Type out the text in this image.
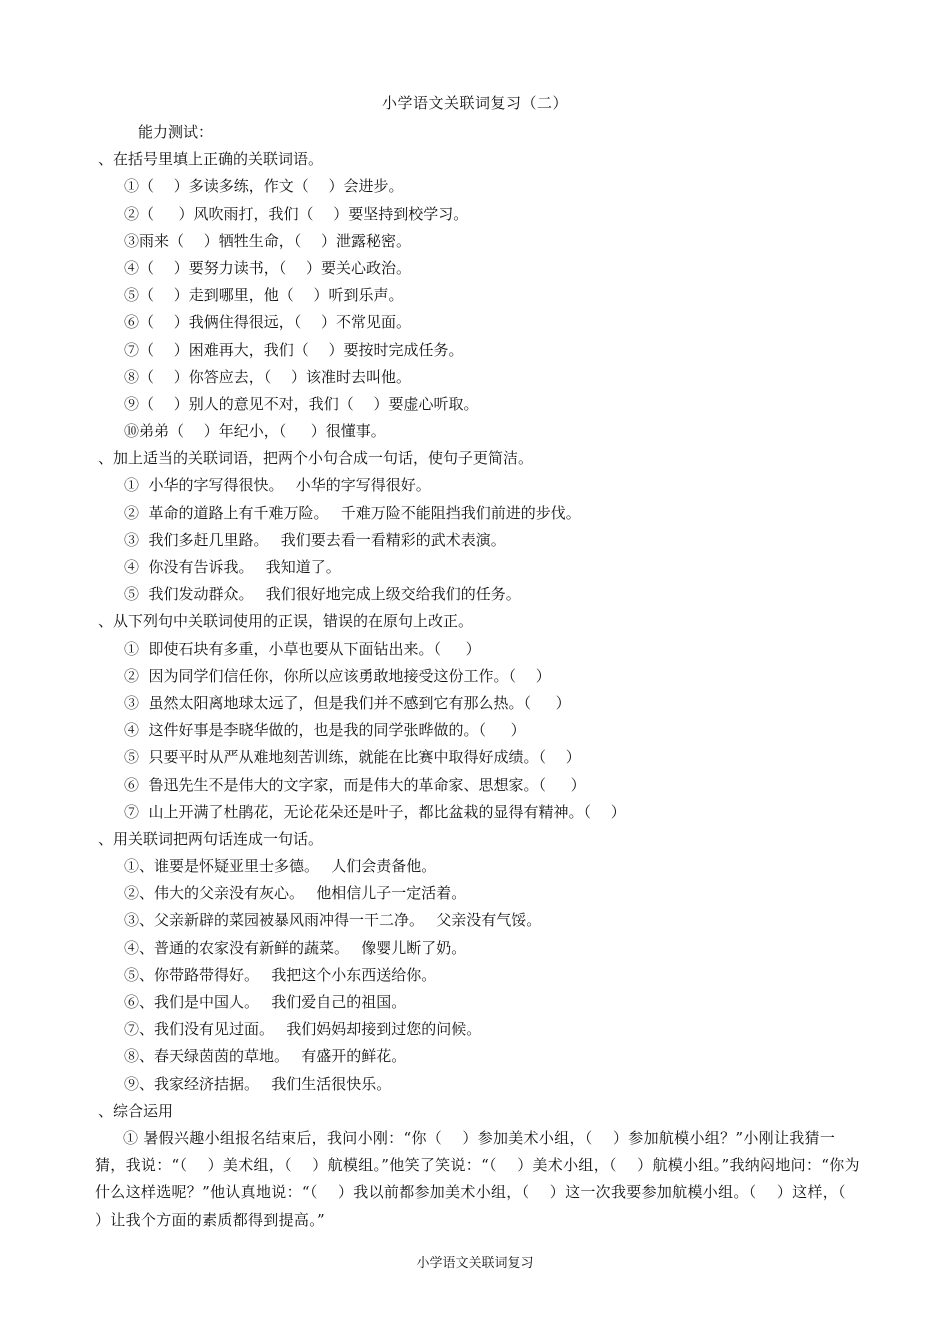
小学语文关联词复习（二）
能力测试：
、在括号里填上正确的关联词语。
①（　 ）多读多练，作文（　 ）会进步。
②（　  ）风吹雨打，我们（　 ）要坚持到校学习。
③雨来（　 ）牺牲生命，（　 ）泄露秘密。
④（　 ）要努力读书，（　 ）要关心政治。
⑤（　 ）走到哪里，他（　 ）听到乐声。
⑥（　 ）我俩住得很远，（　 ）不常见面。
⑦（　 ）困难再大，我们（　 ）要按时完成任务。
⑧（　 ）你答应去，（　 ）该准时去叫他。
⑨（　 ）别人的意见不对，我们（　 ）要虚心听取。
⑩弟弟（　 ）年纪小，（　  ）很懂事。
、加上适当的关联词语，把两个小句合成一句话，使句子更简洁。
①  小华的字写得很快。　 小华的字写得很好。
②  革命的道路上有千难万险。　 千难万险不能阻挡我们前进的步伐。
③  我们多赶几里路。　 我们要去看一看精彩的武术表演。
④  你没有告诉我。　 我知道了。
⑤  我们发动群众。　 我们很好地完成上级交给我们的任务。
、从下列句中关联词使用的正误，错误的在原句上改正。
①  即使石块有多重，小草也要从下面钻出来。（　  ）
②  因为同学们信任你，你所以应该勇敢地接受这份工作。（　 ）
③  虽然太阳离地球太远了，但是我们并不感到它有那么热。（　  ）
④  这件好事是李晓华做的，也是我的同学张晔做的。（　  ）
⑤  只要平时从严从难地刻苦训练，就能在比赛中取得好成绩。（　 ）
⑥  鲁迅先生不是伟大的文字家，而是伟大的革命家、思想家。（　  ）
⑦  山上开满了杜鹃花，无论花朵还是叶子，都比盆栽的显得有精神。（　 ）
、用关联词把两句话连成一句话。
①、谁要是怀疑亚里士多德。　 人们会责备他。
②、伟大的父亲没有灰心。　 他相信儿子一定活着。
③、父亲新辟的菜园被暴风雨冲得一干二净。　 父亲没有气馁。
④、普通的农家没有新鲜的蔬菜。　 像婴儿断了奶。
⑤、你带路带得好。　 我把这个小东西送给你。
⑥、我们是中国人。　 我们爱自己的祖国。
⑦、我们没有见过面。　 我们妈妈却接到过您的问候。
⑧、春天绿茵茵的草地。　 有盛开的鲜花。
⑨、我家经济拮据。　 我们生活很快乐。
、综合运用

① 暑假兴趣小组报名结束后，我问小刚：“你（　 ）参加美术小组，（　 ）参加航模小组？”小刚让我猜一猜，我说：“（　 ）美术组，（　 ）航模组。”他笑了笑说：“（　 ）美术小组，（　 ）航模小组。”我纳闷地问：“你为什么这样选呢？”他认真地说：“（　 ）我以前都参加美术小组，（　 ）这一次我要参加航模小组。（　 ）这样，（　 ）让我个方面的素质都得到提高。”

小学语文关联词复习
